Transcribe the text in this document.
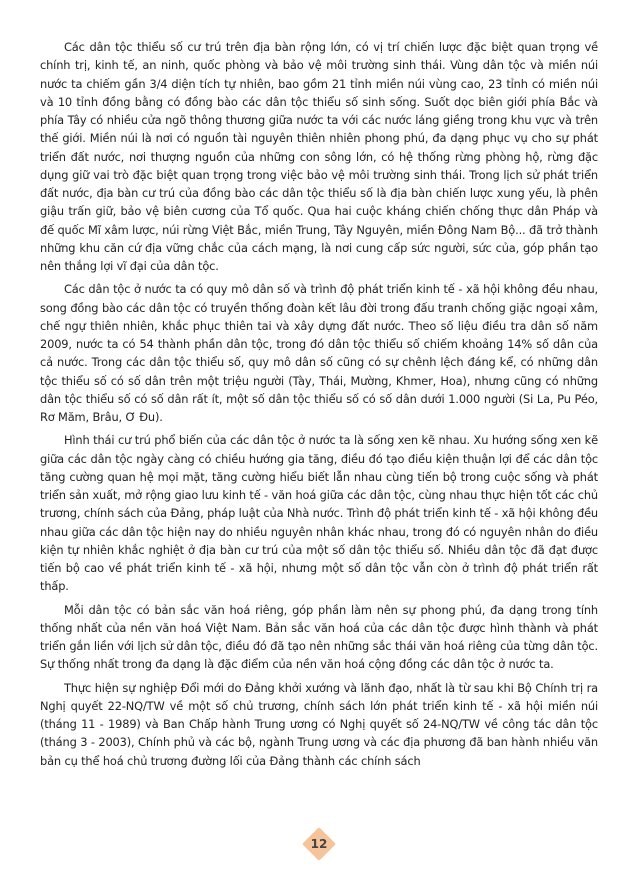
Các dân tộc thiểu số cư trú trên địa bàn rộng lớn, có vị trí chiến lược đặc biệt quan trọng về chính trị, kinh tế, an ninh, quốc phòng và bảo vệ môi trường sinh thái. Vùng dân tộc và miền núi nước ta chiếm gần 3/4 diện tích tự nhiên, bao gồm 21 tỉnh miền núi vùng cao, 23 tỉnh có miền núi và 10 tỉnh đồng bằng có đồng bào các dân tộc thiểu số sinh sống. Suốt dọc biên giới phía Bắc và phía Tây có nhiều cửa ngõ thông thương giữa nước ta với các nước láng giềng trong khu vực và trên thế giới. Miền núi là nơi có nguồn tài nguyên thiên nhiên phong phú, đa dạng phục vụ cho sự phát triển đất nước, nơi thượng nguồn của những con sông lớn, có hệ thống rừng phòng hộ, rừng đặc dụng giữ vai trò đặc biệt quan trọng trong việc bảo vệ môi trường sinh thái. Trong lịch sử phát triển đất nước, địa bàn cư trú của đồng bào các dân tộc thiểu số là địa bàn chiến lược xung yếu, là phên giậu trấn giữ, bảo vệ biên cương của Tổ quốc. Qua hai cuộc kháng chiến chống thực dân Pháp và đế quốc Mĩ xâm lược, núi rừng Việt Bắc, miền Trung, Tây Nguyên, miền Đông Nam Bộ... đã trở thành những khu căn cứ địa vững chắc của cách mạng, là nơi cung cấp sức người, sức của, góp phần tạo nên thắng lợi vĩ đại của dân tộc.

Các dân tộc ở nước ta có quy mô dân số và trình độ phát triển kinh tế - xã hội không đều nhau, song đồng bào các dân tộc có truyền thống đoàn kết lâu đời trong đấu tranh chống giặc ngoại xâm, chế ngự thiên nhiên, khắc phục thiên tai và xây dựng đất nước. Theo số liệu điều tra dân số năm 2009, nước ta có 54 thành phần dân tộc, trong đó dân tộc thiểu số chiếm khoảng 14% số dân của cả nước. Trong các dân tộc thiểu số, quy mô dân số cũng có sự chênh lệch đáng kể, có những dân tộc thiểu số có số dân trên một triệu người (Tày, Thái, Mường, Khmer, Hoa), nhưng cũng có những dân tộc thiểu số có số dân rất ít, một số dân tộc thiểu số có số dân dưới 1.000 người (Si La, Pu Péo, Rơ Măm, Brâu, Ơ Đu).

Hình thái cư trú phổ biến của các dân tộc ở nước ta là sống xen kẽ nhau. Xu hướng sống xen kẽ giữa các dân tộc ngày càng có chiều hướng gia tăng, điều đó tạo điều kiện thuận lợi để các dân tộc tăng cường quan hệ mọi mặt, tăng cường hiểu biết lẫn nhau cùng tiến bộ trong cuộc sống và phát triển sản xuất, mở rộng giao lưu kinh tế - văn hoá giữa các dân tộc, cùng nhau thực hiện tốt các chủ trương, chính sách của Đảng, pháp luật của Nhà nước. Trình độ phát triển kinh tế - xã hội không đều nhau giữa các dân tộc hiện nay do nhiều nguyên nhân khác nhau, trong đó có nguyên nhân do điều kiện tự nhiên khắc nghiệt ở địa bàn cư trú của một số dân tộc thiểu số. Nhiều dân tộc đã đạt được tiến bộ cao về phát triển kinh tế - xã hội, nhưng một số dân tộc vẫn còn ở trình độ phát triển rất thấp.

Mỗi dân tộc có bản sắc văn hoá riêng, góp phần làm nên sự phong phú, đa dạng trong tính thống nhất của nền văn hoá Việt Nam. Bản sắc văn hoá của các dân tộc được hình thành và phát triển gắn liền với lịch sử dân tộc, điều đó đã tạo nên những sắc thái văn hoá riêng của từng dân tộc. Sự thống nhất trong đa dạng là đặc điểm của nền văn hoá cộng đồng các dân tộc ở nước ta.

Thực hiện sự nghiệp Đổi mới do Đảng khởi xướng và lãnh đạo, nhất là từ sau khi Bộ Chính trị ra Nghị quyết 22-NQ/TW về một số chủ trương, chính sách lớn phát triển kinh tế - xã hội miền núi (tháng 11 - 1989) và Ban Chấp hành Trung ương có Nghị quyết số 24-NQ/TW về công tác dân tộc (tháng 3 - 2003), Chính phủ và các bộ, ngành Trung ương và các địa phương đã ban hành nhiều văn bản cụ thể hoá chủ trương đường lối của Đảng thành các chính sách

12
